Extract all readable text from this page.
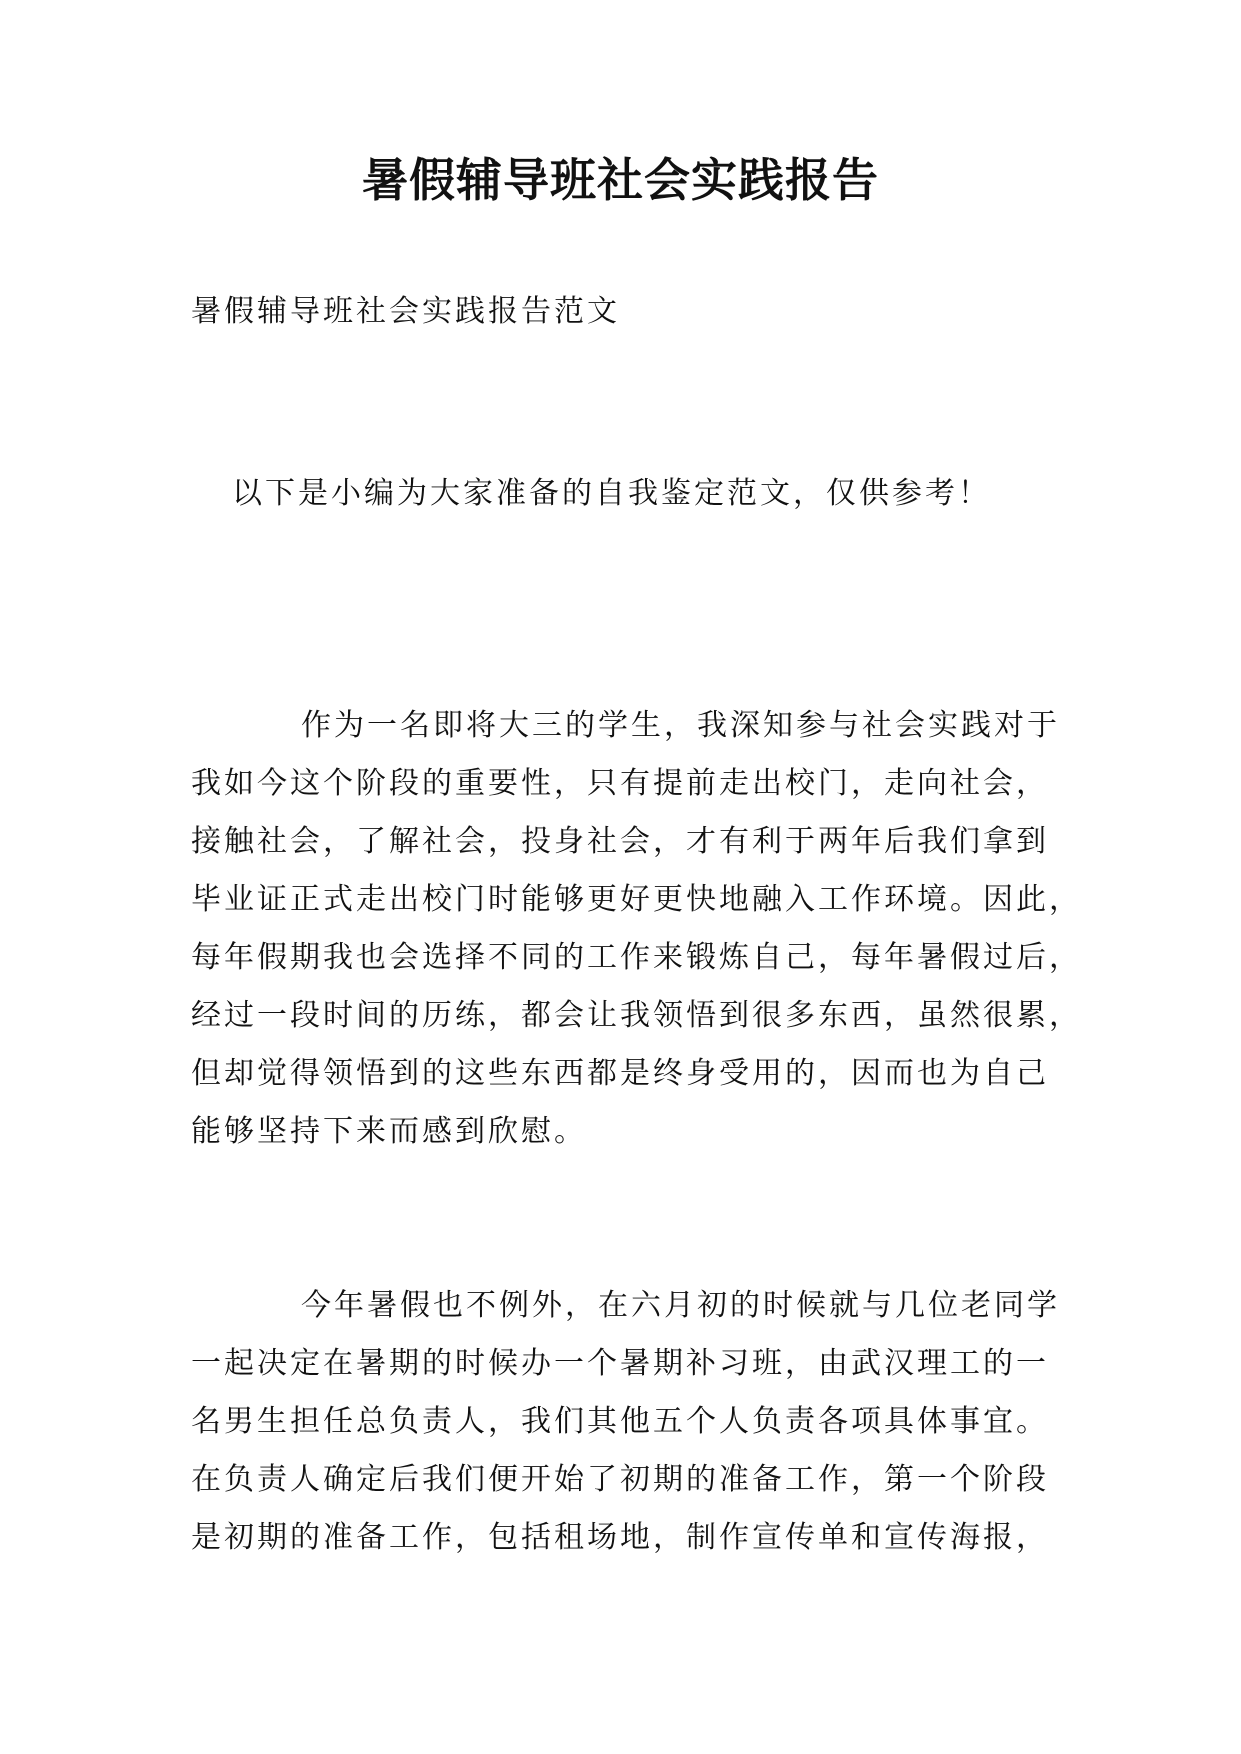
暑假辅导班社会实践报告

暑假辅导班社会实践报告范文

以下是小编为大家准备的自我鉴定范文，仅供参考！

作为一名即将大三的学生，我深知参与社会实践对于
我如今这个阶段的重要性，只有提前走出校门，走向社会，
接触社会，了解社会，投身社会，才有利于两年后我们拿到
毕业证正式走出校门时能够更好更快地融入工作环境。因此，
每年假期我也会选择不同的工作来锻炼自己，每年暑假过后，
经过一段时间的历练，都会让我领悟到很多东西，虽然很累，
但却觉得领悟到的这些东西都是终身受用的，因而也为自己
能够坚持下来而感到欣慰。
今年暑假也不例外，在六月初的时候就与几位老同学
一起决定在暑期的时候办一个暑期补习班，由武汉理工的一
名男生担任总负责人，我们其他五个人负责各项具体事宜。
在负责人确定后我们便开始了初期的准备工作，第一个阶段
是初期的准备工作，包括租场地，制作宣传单和宣传海报，
